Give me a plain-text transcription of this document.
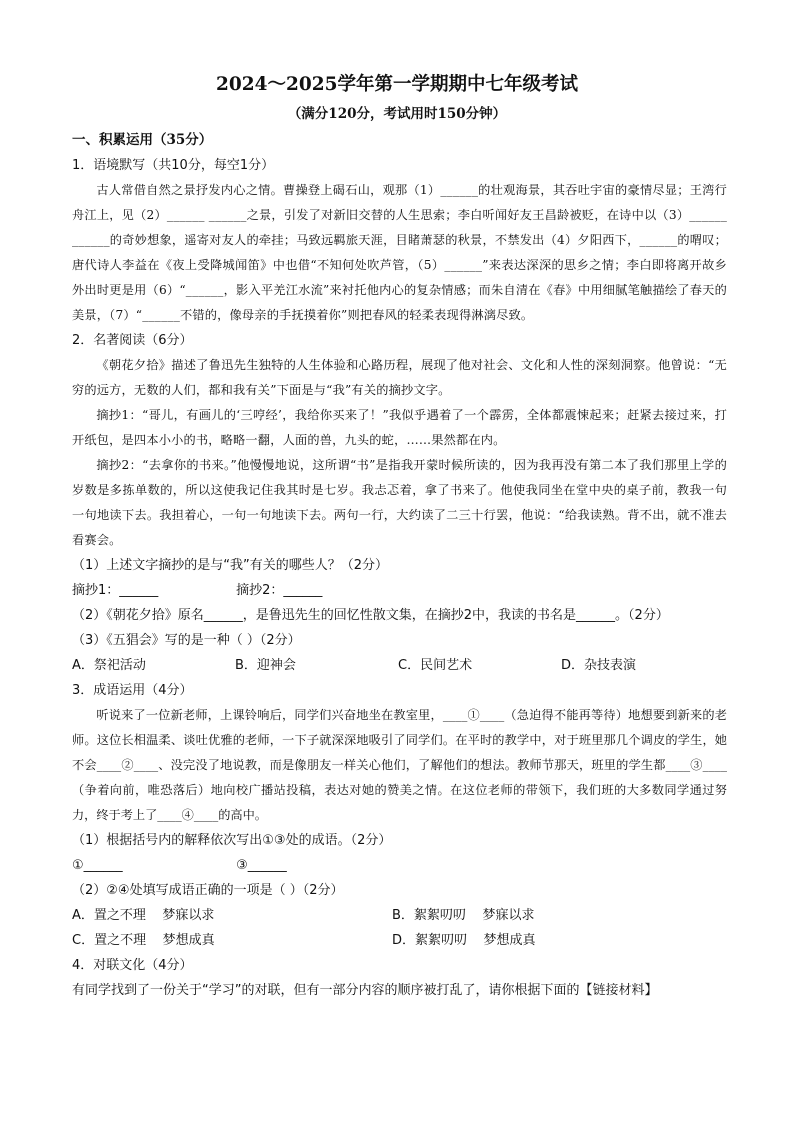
2024～2025学年第一学期期中七年级考试
（满分120分，考试用时150分钟）
一、积累运用（35分）
1．语境默写（共10分，每空1分）
古人常借自然之景抒发内心之情。曹操登上碣石山，观那（1）______的壮观海景，其吞吐宇宙的豪情尽显；王湾行舟江上，见（2）______ ______之景，引发了对新旧交替的人生思索；李白听闻好友王昌龄被贬，在诗中以（3）______ ______的奇妙想象，遥寄对友人的牵挂；马致远羁旅天涯，目睹萧瑟的秋景，不禁发出（4）夕阳西下，______的喟叹；唐代诗人李益在《夜上受降城闻笛》中也借“不知何处吹芦管，（5）______”来表达深深的思乡之情；李白即将离开故乡外出时更是用（6）“______，影入平羌江水流”来衬托他内心的复杂情感；而朱自清在《春》中用细腻笔触描绘了春天的美景，（7）“______不错的，像母亲的手抚摸着你”则把春风的轻柔表现得淋漓尽致。
2．名著阅读（6分）
《朝花夕拾》描述了鲁迅先生独特的人生体验和心路历程，展现了他对社会、文化和人性的深刻洞察。他曾说：“无穷的远方，无数的人们，都和我有关”下面是与“我”有关的摘抄文字。
摘抄1：“哥儿，有画儿的‘三哼经’，我给你买来了！”我似乎遇着了一个霹雳，全体都震悚起来；赶紧去接过来，打开纸包，是四本小小的书，略略一翻，人面的兽，九头的蛇，……果然都在内。
摘抄2：“去拿你的书来。”他慢慢地说，这所谓“书”是指我开蒙时候所读的，因为我再没有第二本了我们那里上学的岁数是多拣单数的，所以这使我记住我其时是七岁。我忐忑着，拿了书来了。他使我同坐在堂中央的桌子前，教我一句一句地读下去。我担着心，一句一句地读下去。两句一行，大约读了二三十行罢，他说：“给我读熟。背不出，就不准去看赛会。
（1）上述文字摘抄的是与“我”有关的哪些人？（2分）
摘抄1：______	摘抄2：______
（2）《朝花夕拾》原名______，是鲁迅先生的回忆性散文集，在摘抄2中，我读的书名是______。（2分）
（3）《五猖会》写的是一种（ ）（2分）
A．祭祀活动	B．迎神会	C．民间艺术	D．杂技表演
3．成语运用（4分）
听说来了一位新老师，上课铃响后，同学们兴奋地坐在教室里，____①____（急迫得不能再等待）地想要到新来的老师。这位长相温柔、谈吐优雅的老师，一下子就深深地吸引了同学们。在平时的教学中，对于班里那几个调皮的学生，她不会____②____、没完没了地说教，而是像朋友一样关心他们，了解他们的想法。教师节那天，班里的学生都____③____（争着向前，唯恐落后）地向校广播站投稿，表达对她的赞美之情。在这位老师的带领下，我们班的大多数同学通过努力，终于考上了____④____的高中。
（1）根据括号内的解释依次写出①③处的成语。（2分）
①______	③______
（2）②④处填写成语正确的一项是（ ）（2分）
A．置之不理    梦寐以求	B．絮絮叨叨    梦寐以求
C．置之不理    梦想成真	D．絮絮叨叨    梦想成真
4．对联文化（4分）
有同学找到了一份关于“学习”的对联，但有一部分内容的顺序被打乱了，请你根据下面的【链接材料】
